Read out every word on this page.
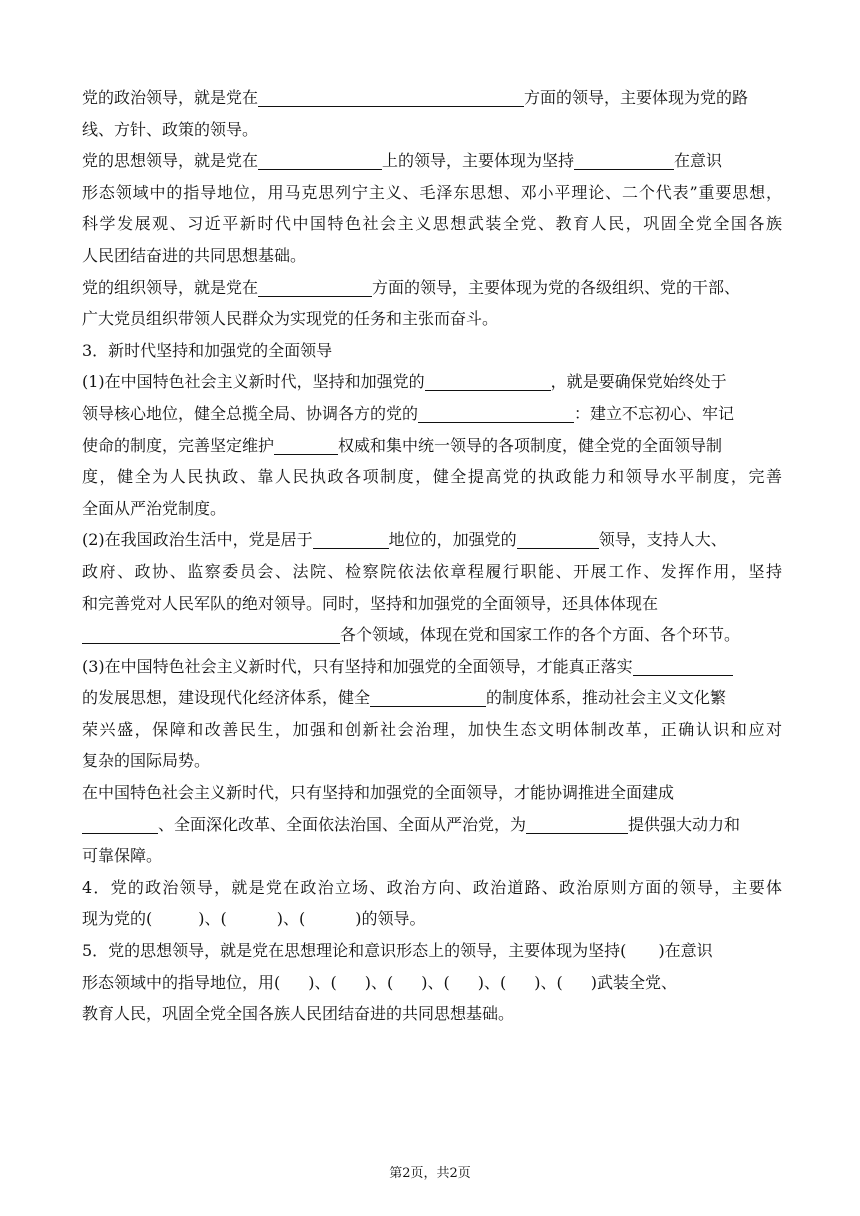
党的政治领导，就是党在	方面的领导，主要体现为党的路
线、方针、政策的领导。
党的思想领导，就是党在	上的领导，主要体现为坚持	在意识
形态领域中的指导地位，用马克思列宁主义、毛泽东思想、邓小平理论、二个代表”重要思想，
科学发展观、习近平新时代中国特色社会主义思想武装全党、教育人民，巩固全党全国各族
人民团结奋进的共同思想基础。
党的组织领导，就是党在	方面的领导，主要体现为党的各级组织、党的干部、
广大党员组织带领人民群众为实现党的任务和主张而奋斗。
3．新时代坚持和加强党的全面领导
(1)在中国特色社会主义新时代，坚持和加强党的	，就是要确保党始终处于
领导核心地位，健全总揽全局、协调各方的党的	：建立不忘初心、牢记
使命的制度，完善坚定维护	权威和集中统一领导的各项制度，健全党的全面领导制
度，健全为人民执政、靠人民执政各项制度，健全提高党的执政能力和领导水平制度，完善
全面从严治党制度。
(2)在我国政治生活中，党是居于	地位的，加强党的	领导，支持人大、
政府、政协、监察委员会、法院、检察院依法依章程履行职能、开展工作、发挥作用，坚持
和完善党对人民军队的绝对领导。同时，坚持和加强党的全面领导，还具体体现在
各个领域，体现在党和国家工作的各个方面、各个环节。
(3)在中国特色社会主义新时代，只有坚持和加强党的全面领导，才能真正落实
的发展思想，建设现代化经济体系，健全	的制度体系，推动社会主义文化繁
荣兴盛，保障和改善民生，加强和创新社会治理，加快生态文明体制改革，正确认识和应对
复杂的国际局势。
在中国特色社会主义新时代，只有坚持和加强党的全面领导，才能协调推进全面建成
、全面深化改革、全面依法治国、全面从严治党，为	提供强大动力和
可靠保障。
4．党的政治领导，就是党在政治立场、政治方向、政治道路、政治原则方面的领导，主要体
现为党的(	)、(	)、(	)的领导。
5．党的思想领导，就是党在思想理论和意识形态上的领导，主要体现为坚持( )在意识
形态领域中的指导地位，用( )、( )、( )、( )、( )、( )武装全党、
教育人民，巩固全党全国各族人民团结奋进的共同思想基础。
第2页，共2页
